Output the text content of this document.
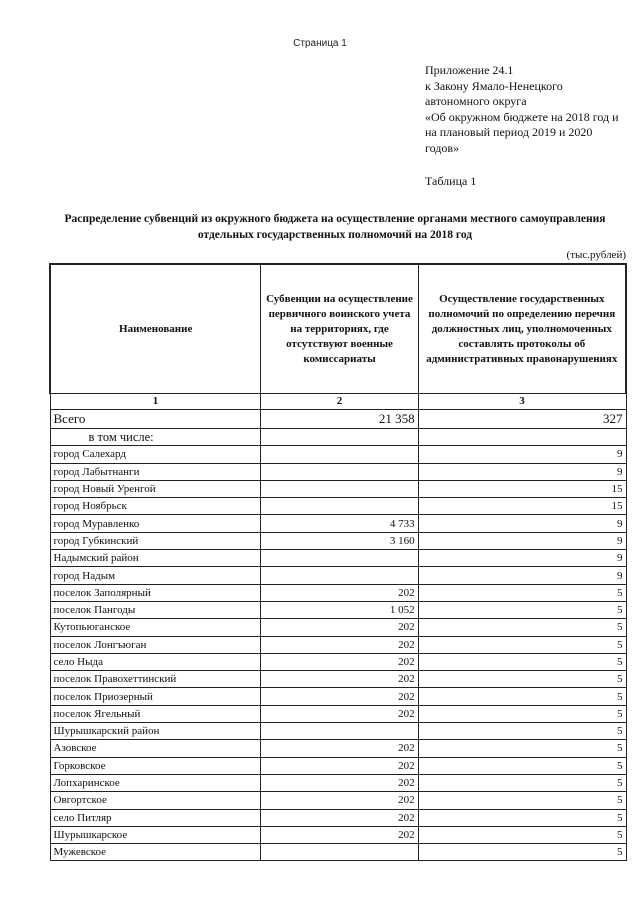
Страница 1
Приложение 24.1
к Закону Ямало-Ненецкого
автономного округа
«Об окружном бюджете на 2018 год и
на плановый период 2019 и 2020
годов»
Таблица 1
Распределение субвенций из окружного бюджета на осуществление органами местного самоуправления
отдельных государственных полномочий на 2018 год
(тыс.рублей)
Наименование	Субвенции на осуществление первичного воинского учета на территориях, где отсутствуют военные комиссариаты	Осуществление государственных полномочий по определению перечня должностных лиц, уполномоченных составлять протоколы об административных правонарушениях
1	2	3
Всего	21 358	327
в том числе:		
город Салехард		9
город Лабытнанги		9
город Новый Уренгой		15
город Ноябрьск		15
город Муравленко	4 733	9
город Губкинский	3 160	9
Надымский район		9
город Надым		9
поселок Заполярный	202	5
поселок Пангоды	1 052	5
Кутопьюганское	202	5
поселок Лонгъюган	202	5
село Ныда	202	5
поселок Правохеттинский	202	5
поселок Приозерный	202	5
поселок Ягельный	202	5
Шурышкарский район		5
Азовское	202	5
Горковское	202	5
Лопхаринское	202	5
Овгортское	202	5
село Питляр	202	5
Шурышкарское	202	5
Мужевское		5
